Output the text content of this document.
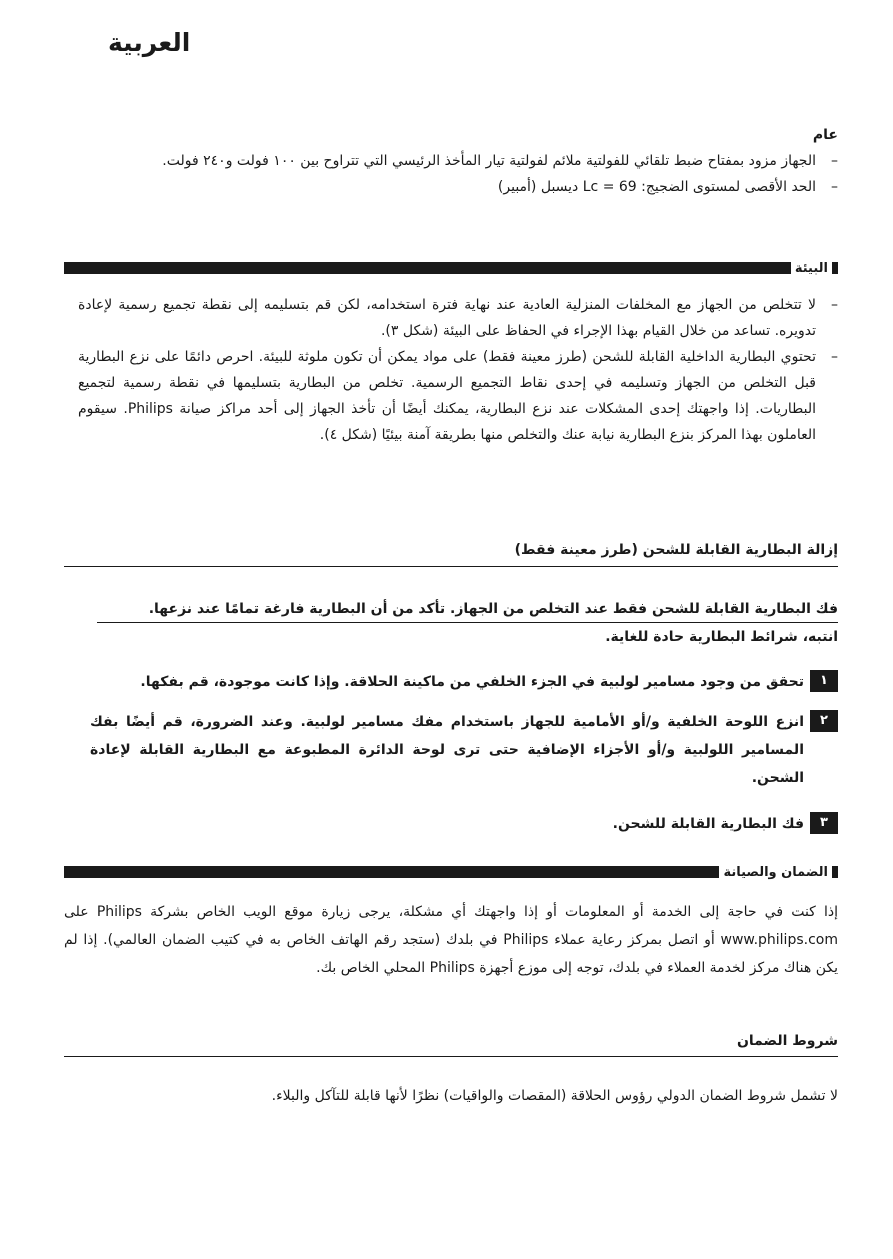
العربية

عام

– الجهاز مزود بمفتاح ضبط تلقائي للفولتية ملائم لفولتية تيار المأخذ الرئيسي التي تتراوح بين ١٠٠ فولت و٢٤٠ فولت.
– الحد الأقصى لمستوى الضجيج: Lc = 69 ديسبل (أمبير)
البيئة
– لا تتخلص من الجهاز مع المخلفات المنزلية العادية عند نهاية فترة استخدامه، لكن قم بتسليمه إلى نقطة تجميع رسمية لإعادة تدويره. تساعد من خلال القيام بهذا الإجراء في الحفاظ على البيئة (شكل ٣).
– تحتوي البطارية الداخلية القابلة للشحن (طرز معينة فقط) على مواد يمكن أن تكون ملوثة للبيئة. احرص دائمًا على نزع البطارية قبل التخلص من الجهاز وتسليمه في إحدى نقاط التجميع الرسمية. تخلص من البطارية بتسليمها في نقطة رسمية لتجميع البطاريات. إذا واجهتك إحدى المشكلات عند نزع البطارية، يمكنك أيضًا أن تأخذ الجهاز إلى أحد مراكز صيانة Philips. سيقوم العاملون بهذا المركز بنزع البطارية نيابة عنك والتخلص منها بطريقة آمنة بيئيًا (شكل ٤).

إزالة البطارية القابلة للشحن (طرز معينة فقط)

فك البطارية القابلة للشحن فقط عند التخلص من الجهاز. تأكد من أن البطارية فارغة تمامًا عند نزعها.

انتبه، شرائط البطارية حادة للغاية.

١
تحقق من وجود مسامير لولبية في الجزء الخلفي من ماكينة الحلاقة. وإذا كانت موجودة، قم بفكها.
٢
انزع اللوحة الخلفية و/أو الأمامية للجهاز باستخدام مفك مسامير لولبية. وعند الضرورة، قم أيضًا بفك المسامير اللولبية و/أو الأجزاء الإضافية حتى ترى لوحة الدائرة المطبوعة مع البطارية القابلة لإعادة الشحن.
٣
فك البطارية القابلة للشحن.
الضمان والصيانة

إذا كنت في حاجة إلى الخدمة أو المعلومات أو إذا واجهتك أي مشكلة، يرجى زيارة موقع الويب الخاص بشركة Philips على www.philips.com أو اتصل بمركز رعاية عملاء Philips في بلدك (ستجد رقم الهاتف الخاص به في كتيب الضمان العالمي). إذا لم يكن هناك مركز لخدمة العملاء في بلدك، توجه إلى موزع أجهزة Philips المحلي الخاص بك.

شروط الضمان

لا تشمل شروط الضمان الدولي رؤوس الحلاقة (المقصات والواقيات) نظرًا لأنها قابلة للتآكل والبلاء.
